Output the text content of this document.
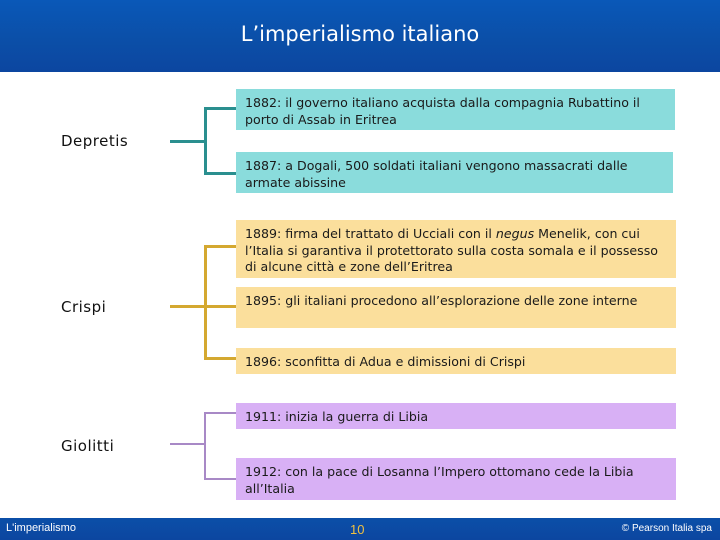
L’imperialismo italiano
Depretis
Crispi
Giolitti
1882: il governo italiano acquista dalla compagnia Rubattino il porto di Assab in Eritrea
1887: a Dogali, 500 soldati italiani vengono massacrati dalle armate abissine
1889: firma del trattato di Ucciali con il negus Menelik, con cui l’Italia si garantiva il protettorato sulla costa somala e il possesso di alcune città e zone dell’Eritrea
1895: gli italiani procedono all’esplorazione delle zone interne
1896: sconfitta di Adua e dimissioni di Crispi
1911: inizia la guerra di Libia
1912: con la pace di Losanna l’Impero ottomano cede la Libia all’Italia
L'imperialismo	10	© Pearson Italia spa
